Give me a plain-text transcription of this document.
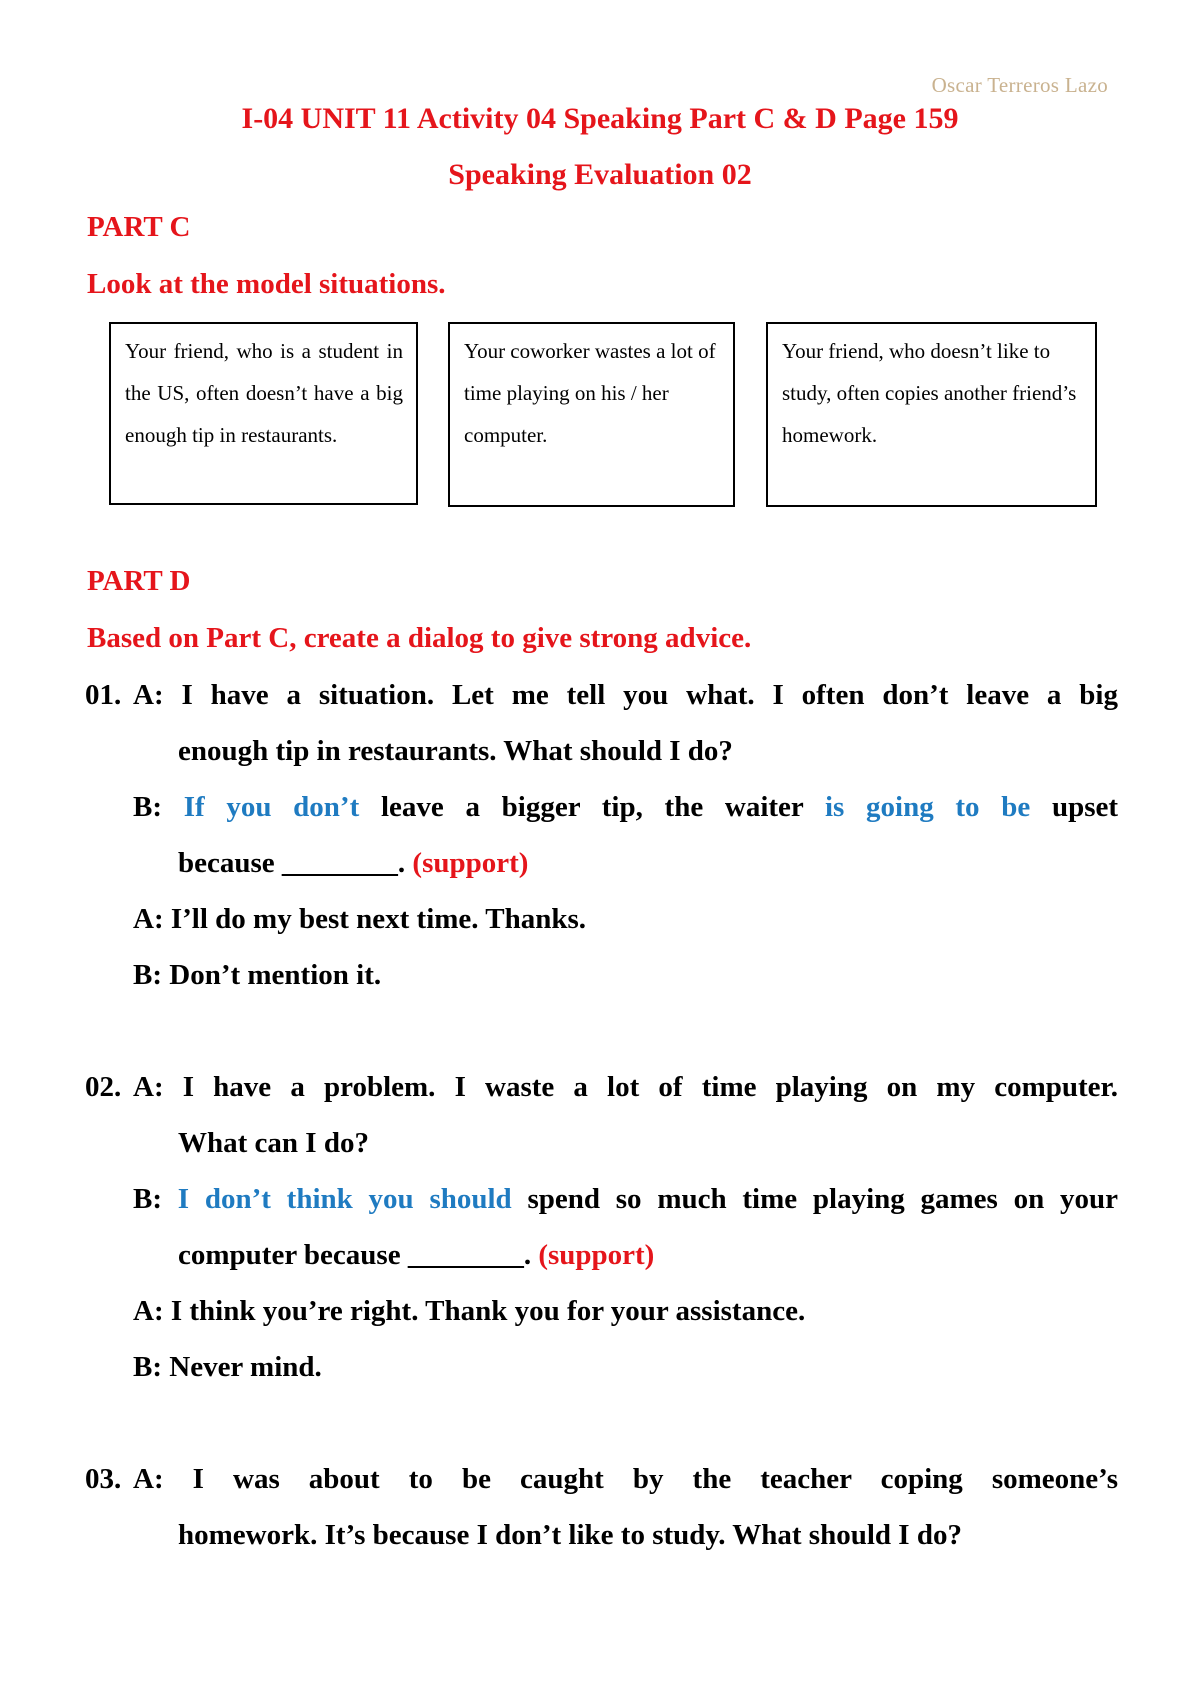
Oscar Terreros Lazo
I-04 UNIT 11 Activity 04 Speaking Part C & D Page 159
Speaking Evaluation 02
PART C
Look at the model situations.
Your friend, who is a student in the US, often doesn’t have a big enough tip in restaurants.
Your coworker wastes a lot of time playing on his / her computer.
Your friend, who doesn’t like to study, often copies another friend’s homework.
PART D
Based on Part C, create a dialog to give strong advice.
01. A: I have a situation. Let me tell you what. I often don’t leave a big
enough tip in restaurants. What should I do?
B: If you don’t leave a bigger tip, the waiter is going to be upset
because ________. (support)
A: I’ll do my best next time. Thanks.
B: Don’t mention it.
02. A: I have a problem. I waste a lot of time playing on my computer.
What can I do?
B: I don’t think you should spend so much time playing games on your
computer because ________. (support)
A: I think you’re right. Thank you for your assistance.
B: Never mind.
03. A: I was about to be caught by the teacher coping someone’s
homework. It’s because I don’t like to study. What should I do?
